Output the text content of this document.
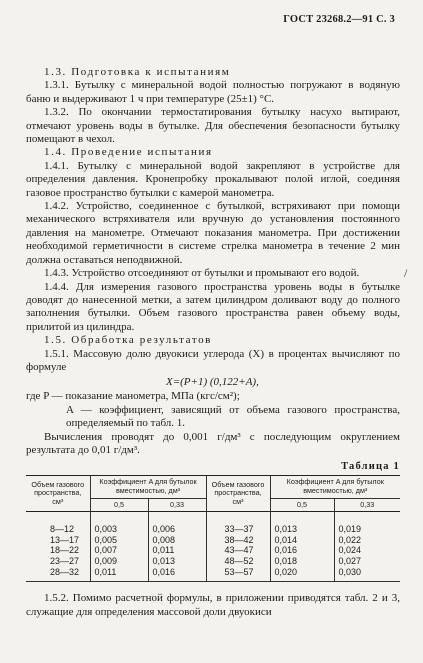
ГОСТ 23268.2—91 С. 3

1.3. Подготовка к испытаниям

1.3.1. Бутылку с минеральной водой полностью погружают в водяную баню и выдерживают 1 ч при температуре (25±1) °С.

1.3.2. По окончании термостатирования бутылку насухо вытирают, отмечают уровень воды в бутылке. Для обеспечения безопасности бутылку помещают в чехол.

1.4. Проведение испытания

1.4.1. Бутылку с минеральной водой закрепляют в устройстве для определения давления. Кронепробку прокалывают полой иглой, соединяя газовое пространство бутылки с камерой манометра.

1.4.2. Устройство, соединенное с бутылкой, встряхивают при помощи механического встряхивателя или вручную до установления постоянного давления на манометре. Отмечают показания манометра. При достижении необходимой герметичности в системе стрелка манометра в течение 2 мин должна оставаться неподвижной.

1.4.3. Устройство отсоединяют от бутылки и промывают его водой.

1.4.4. Для измерения газового пространства уровень воды в бутылке доводят до нанесенной метки, а затем цилиндром доливают воду до полного заполнения бутылки. Объем газового пространства равен объему воды, прилитой из цилиндра.

1.5. Обработка результатов

1.5.1. Массовую долю двуокиси углерода (X) в процентах вычисляют по формуле

X=(P+1) (0,122+A),

где P — показание манометра, МПа (кгс/см²);

A — коэффициент, зависящий от объема газового пространства, определяемый по табл. 1.

Вычисления проводят до 0,001 г/дм³ с последующим округлением результата до 0,01 г/дм³.

Таблица 1
Объем газового пространства, см³	Коэффициент A для бутылок вместимостью, дм³		Объем газового пространства, см³	Коэффициент A для бутылок вместимостью, дм³	
	0,5	0,33		0,5	0,33
8—12	0,003	0,006	33—37	0,013	0,019
13—17	0,005	0,008	38—42	0,014	0,022
18—22	0,007	0,011	43—47	0,016	0,024
23—27	0,009	0,013	48—52	0,018	0,027
28—32	0,011	0,016	53—57	0,020	0,030

1.5.2. Помимо расчетной формулы, в приложении приводятся табл. 2 и 3, служащие для определения массовой доли двуокиси

/
